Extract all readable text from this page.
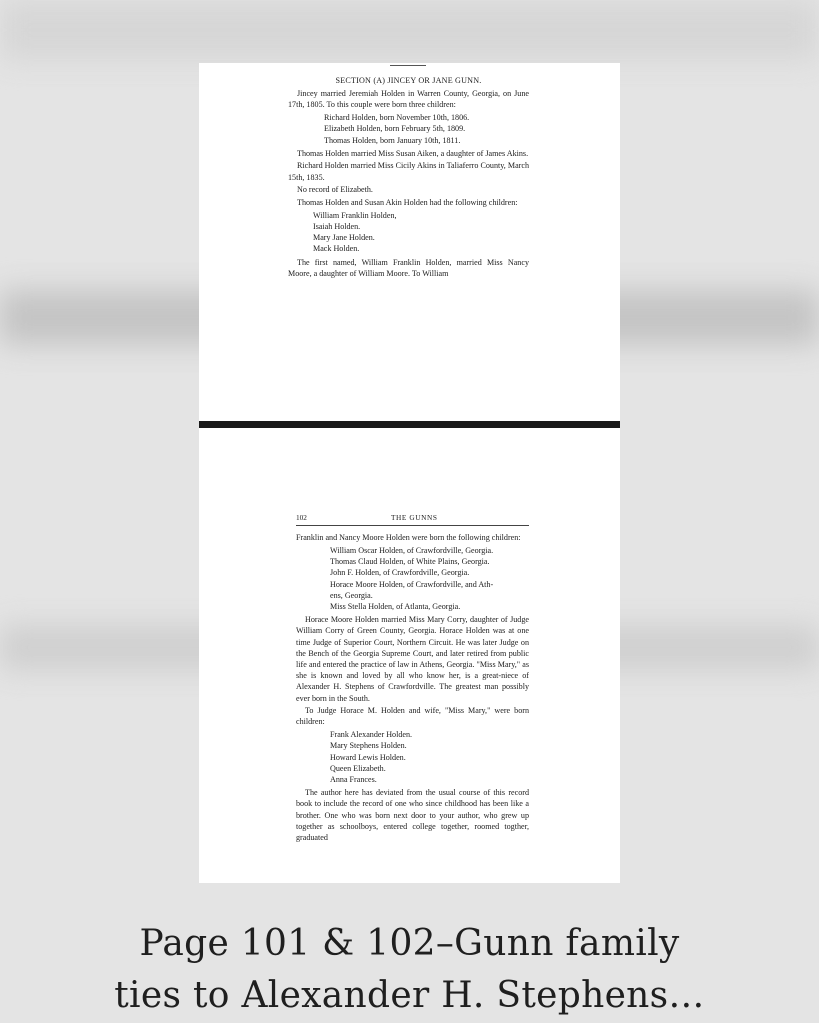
SECTION (A) JINCEY OR JANE GUNN.

Jincey married Jeremiah Holden in Warren County, Georgia, on June 17th, 1805. To this couple were born three children:

Richard Holden, born November 10th, 1806.
Elizabeth Holden, born February 5th, 1809.
Thomas Holden, born January 10th, 1811.

Thomas Holden married Miss Susan Aiken, a daughter of James Akins.

Richard Holden married Miss Cicily Akins in Taliaferro County, March 15th, 1835.

No record of Elizabeth.

Thomas Holden and Susan Akin Holden had the following children:

William Franklin Holden,
Isaiah Holden.
Mary Jane Holden.
Mack Holden.

The first named, William Franklin Holden, married Miss Nancy Moore, a daughter of William Moore. To William

102	THE GUNNS

Franklin and Nancy Moore Holden were born the following children:

William Oscar Holden, of Crawfordville, Georgia.
Thomas Claud Holden, of White Plains, Georgia.
John F. Holden, of Crawfordville, Georgia.
Horace Moore Holden, of Crawfordville, and Ath-
ens, Georgia.
Miss Stella Holden, of Atlanta, Georgia.

Horace Moore Holden married Miss Mary Corry, daughter of Judge William Corry of Green County, Georgia. Horace Holden was at one time Judge of Superior Court, Northern Circuit. He was later Judge on the Bench of the Georgia Supreme Court, and later retired from public life and entered the practice of law in Athens, Georgia. "Miss Mary," as she is known and loved by all who know her, is a great-niece of Alexander H. Stephens of Crawfordville. The greatest man possibly ever born in the South.

To Judge Horace M. Holden and wife, "Miss Mary," were born children:

Frank Alexander Holden.
Mary Stephens Holden.
Howard Lewis Holden.
Queen Elizabeth.
Anna Frances.

The author here has deviated from the usual course of this record book to include the record of one who since childhood has been like a brother. One who was born next door to your author, who grew up together as schoolboys, entered college together, roomed togther, graduated

Page 101 & 102–Gunn family
ties to Alexander H. Stephens…
